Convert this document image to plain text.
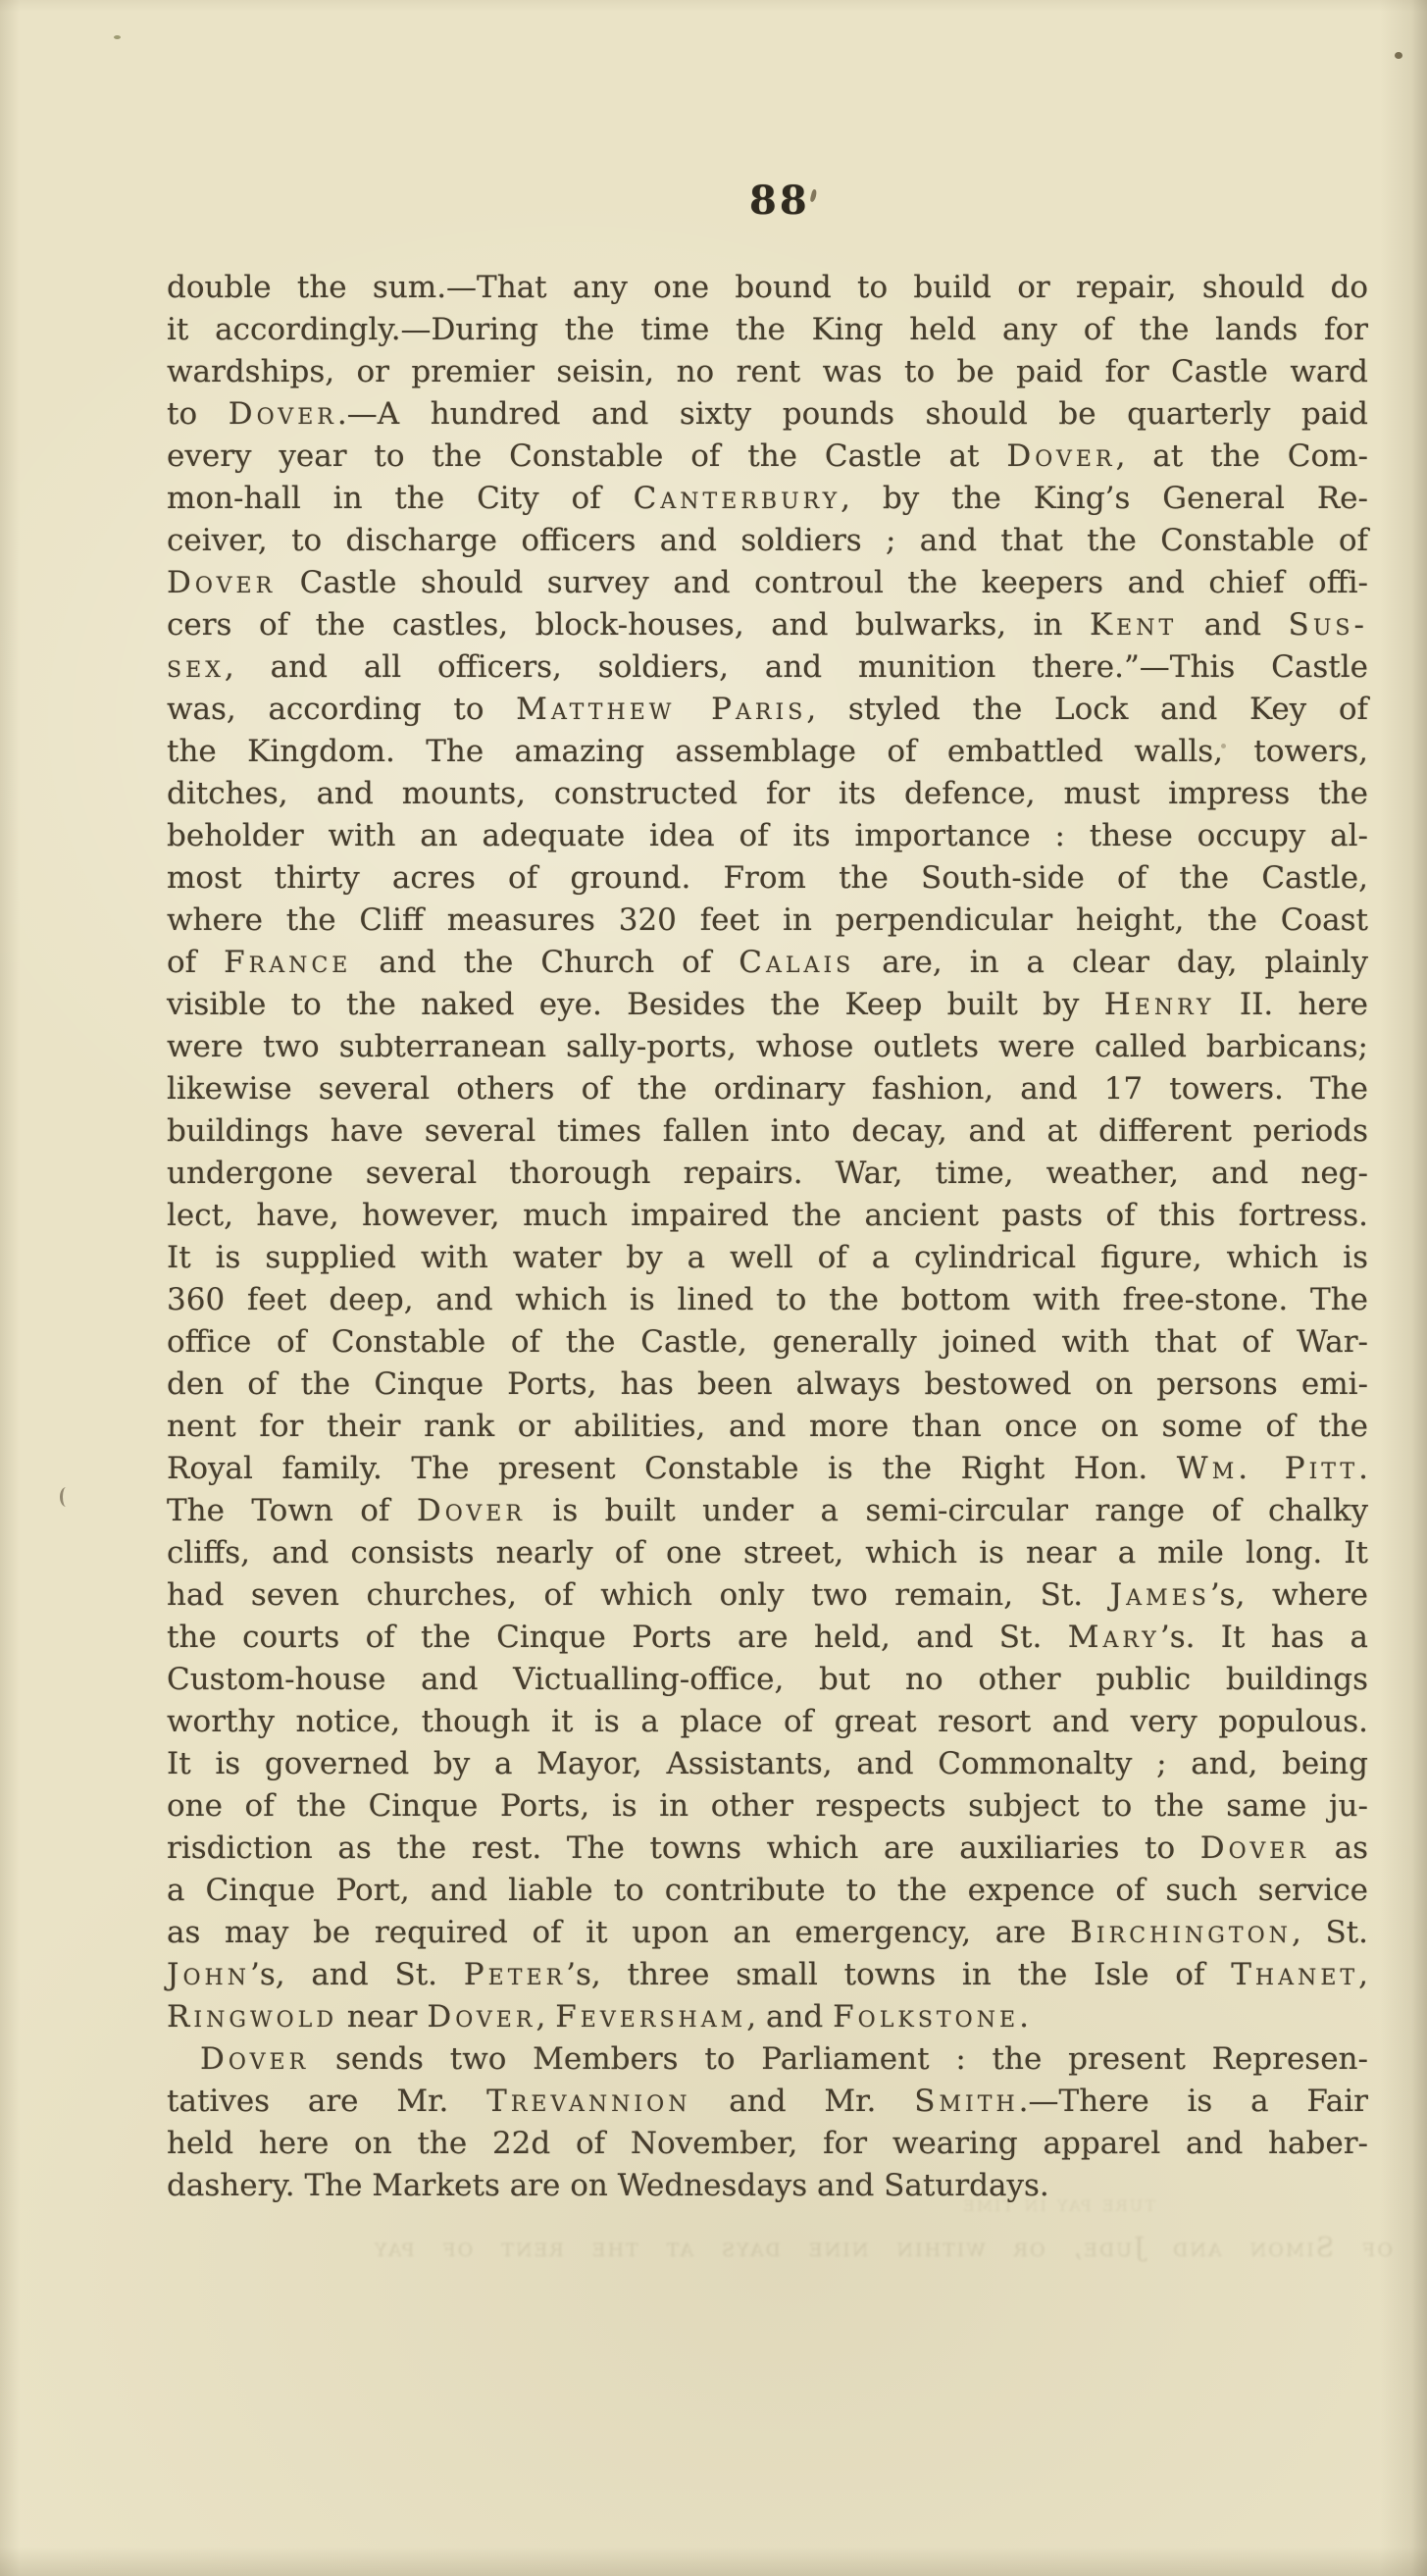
88
double the sum.—That any one bound to build or repair, should do
it accordingly.—During the time the King held any of the lands for
wardships, or premier seisin, no rent was to be paid for Castle ward
to Dover.—A hundred and sixty pounds should be quarterly paid
every year to the Constable of the Castle at Dover, at the Com-
mon-hall in the City of Canterbury, by the King’s General Re-
ceiver, to discharge officers and soldiers ; and that the Constable of
Dover Castle should survey and controul the keepers and chief offi-
cers of the castles, block-houses, and bulwarks, in Kent and Sus-
sex, and all officers, soldiers, and munition there.”—This Castle
was, according to Matthew Paris, styled the Lock and Key of
the Kingdom. The amazing assemblage of embattled walls, towers,
ditches, and mounts, constructed for its defence, must impress the
beholder with an adequate idea of its importance : these occupy al-
most thirty acres of ground. From the South-side of the Castle,
where the Cliff measures 320 feet in perpendicular height, the Coast
of France and the Church of Calais are, in a clear day, plainly
visible to the naked eye. Besides the Keep built by Henry II. here
were two subterranean sally-ports, whose outlets were called barbicans;
likewise several others of the ordinary fashion, and 17 towers. The
buildings have several times fallen into decay, and at different periods
undergone several thorough repairs. War, time, weather, and neg-
lect, have, however, much impaired the ancient pasts of this fortress.
It is supplied with water by a well of a cylindrical figure, which is
360 feet deep, and which is lined to the bottom with free-stone. The
office of Constable of the Castle, generally joined with that of War-
den of the Cinque Ports, has been always bestowed on persons emi-
nent for their rank or abilities, and more than once on some of the
Royal family. The present Constable is the Right Hon. Wm. Pitt.
The Town of Dover is built under a semi-circular range of chalky
cliffs, and consists nearly of one street, which is near a mile long. It
had seven churches, of which only two remain, St. James’s, where
the courts of the Cinque Ports are held, and St. Mary’s. It has a
Custom-house and Victualling-office, but no other public buildings
worthy notice, though it is a place of great resort and very populous.
It is governed by a Mayor, Assistants, and Commonalty ; and, being
one of the Cinque Ports, is in other respects subject to the same ju-
risdiction as the rest. The towns which are auxiliaries to Dover as
a Cinque Port, and liable to contribute to the expence of such service
as may be required of it upon an emergency, are Birchington, St.
John’s, and St. Peter’s, three small towns in the Isle of Thanet,
Ringwold near Dover, Feversham, and Folkstone.
Dover sends two Members to Parliament : the present Represen-
tatives are Mr. Trevannion and Mr. Smith.—There is a Fair
held here on the 22d of November, for wearing apparel and haber-
dashery. The Markets are on Wednesdays and Saturdays.
ture pay in time
of Simon and Jude, or within nine days at the rent of pay
